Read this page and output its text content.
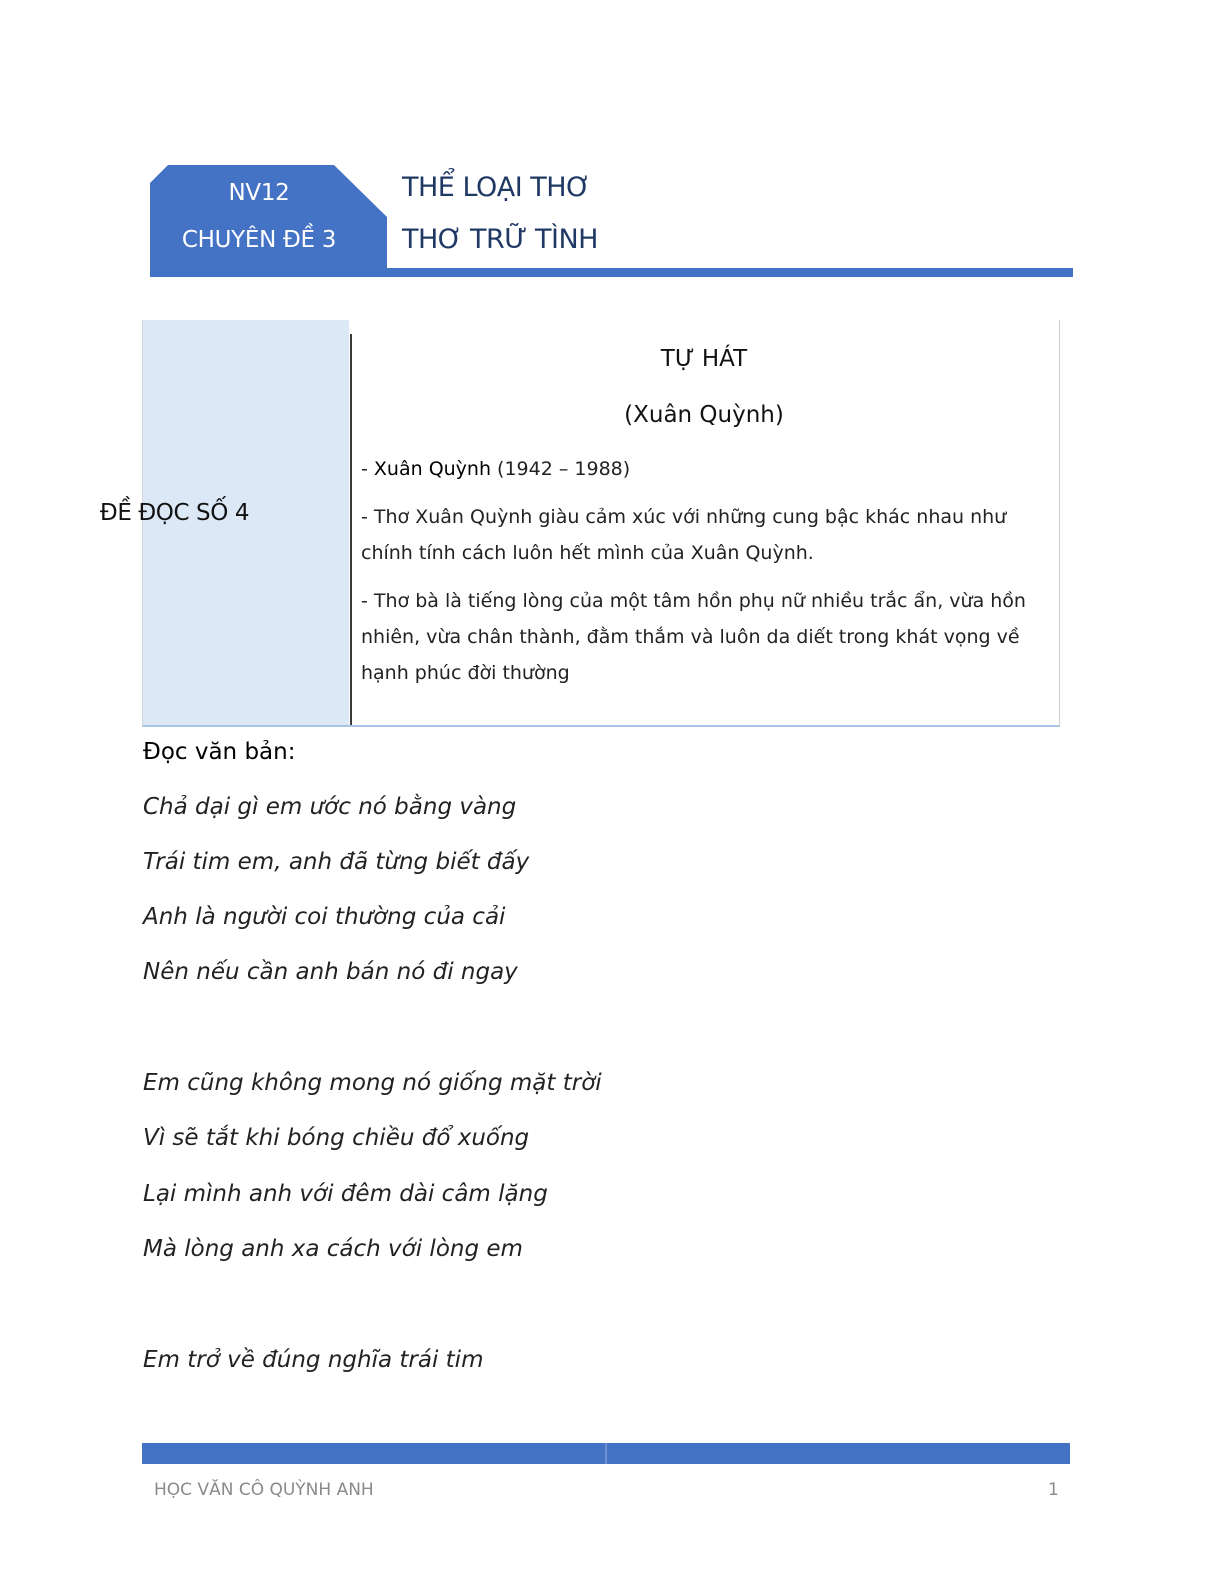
NV12
CHUYÊN ĐỀ 3
THỂ LOẠI THƠ
THƠ TRỮ TÌNH
ĐỀ ĐỌC SỐ 4
TỰ HÁT
(Xuân Quỳnh)
- Xuân Quỳnh (1942 – 1988)
- Thơ Xuân Quỳnh giàu cảm xúc với những cung bậc khác nhau như chính tính cách luôn hết mình của Xuân Quỳnh.
- Thơ bà là tiếng lòng của một tâm hồn phụ nữ nhiều trắc ẩn, vừa hồn nhiên, vừa chân thành, đằm thắm và luôn da diết trong khát vọng về hạnh phúc đời thường
Đọc văn bản:
Chả dại gì em ước nó bằng vàng
Trái tim em, anh đã từng biết đấy
Anh là người coi thường của cải
Nên nếu cần anh bán nó đi ngay
Em cũng không mong nó giống mặt trời
Vì sẽ tắt khi bóng chiều đổ xuống
Lại mình anh với đêm dài câm lặng
Mà lòng anh xa cách với lòng em
Em trở về đúng nghĩa trái tim
HỌC VĂN CÔ QUỲNH ANH	1
